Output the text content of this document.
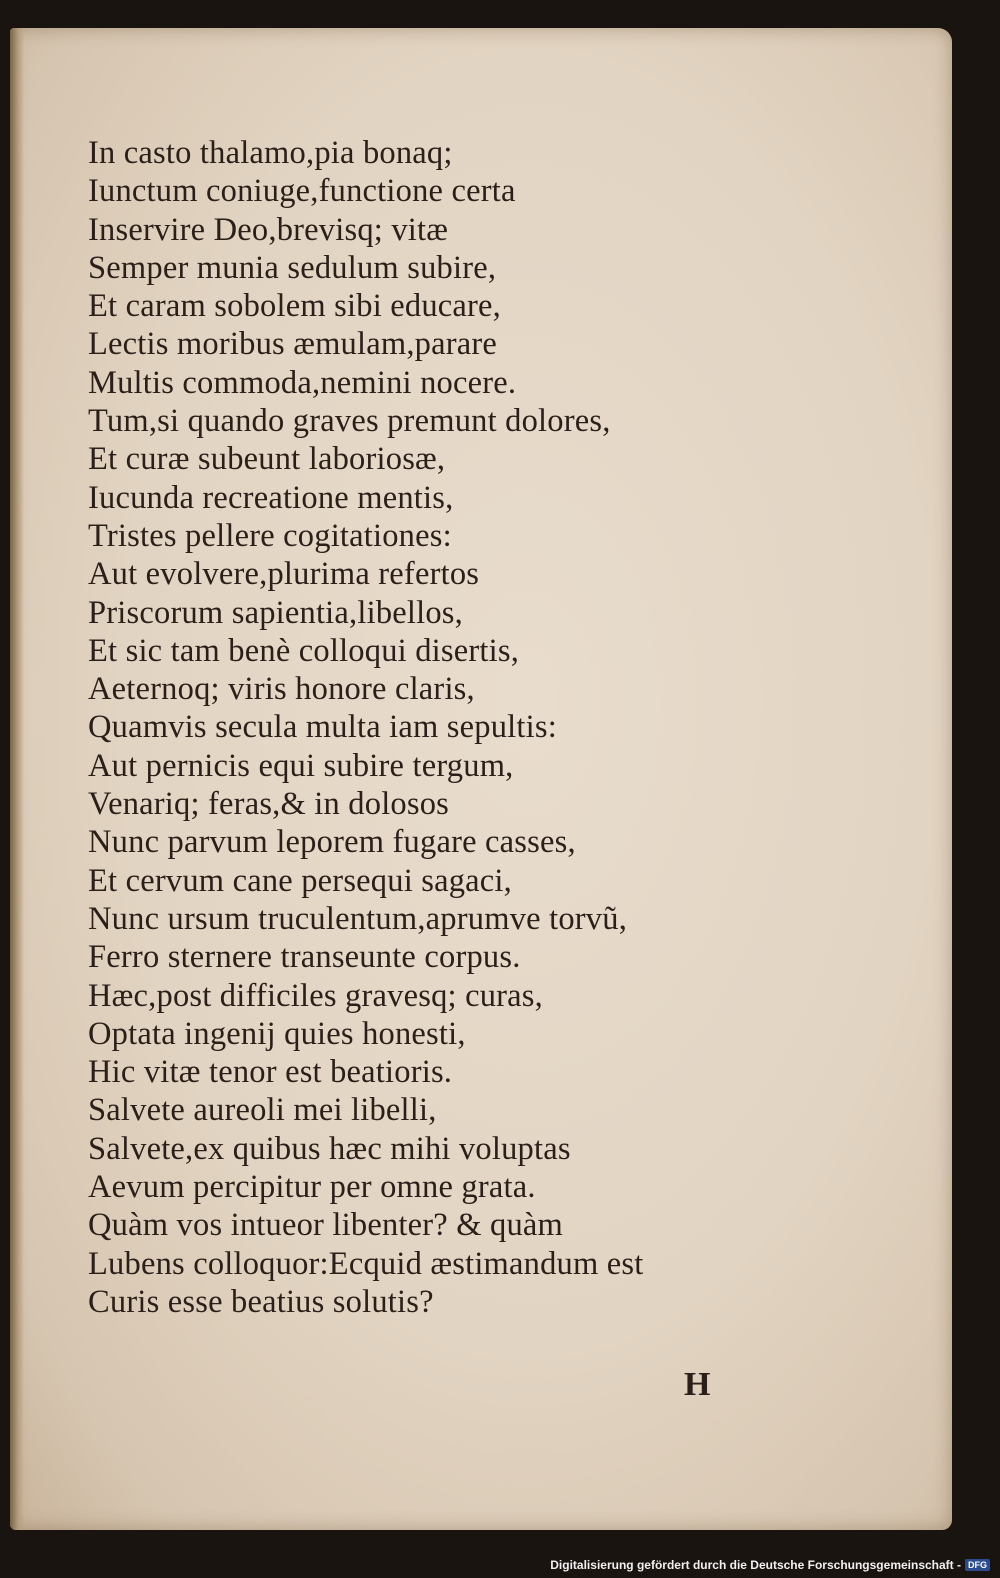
In casto thalamo,pia bonaq;
Iunctum coniuge,functione certa
Inservire Deo,brevisq; vitæ
Semper munia sedulum subire,
Et caram sobolem sibi educare,
Lectis moribus æmulam,parare
Multis commoda,nemini nocere.
Tum,si quando graves premunt dolores,
Et curæ subeunt laboriosæ,
Iucunda recreatione mentis,
Tristes pellere cogitationes:
Aut evolvere,plurima refertos
Priscorum sapientia,libellos,
Et sic tam benè colloqui disertis,
Aeternoq; viris honore claris,
Quamvis secula multa iam sepultis:
Aut pernicis equi subire tergum,
Venariq; feras,& in dolosos
Nunc parvum leporem fugare casses,
Et cervum cane persequi sagaci,
Nunc ursum truculentum,aprumve torvũ,
Ferro sternere transeunte corpus.
Hæc,post difficiles gravesq; curas,
Optata ingenij quies honesti,
Hic vitæ tenor est beatioris.
Salvete aureoli mei libelli,
Salvete,ex quibus hæc mihi voluptas
Aevum percipitur per omne grata.
Quàm vos intueor libenter? & quàm
Lubens colloquor:Ecquid æstimandum est
Curis esse beatius solutis?
H
Digitalisierung gefördert durch die Deutsche Forschungsgemeinschaft - DFG
